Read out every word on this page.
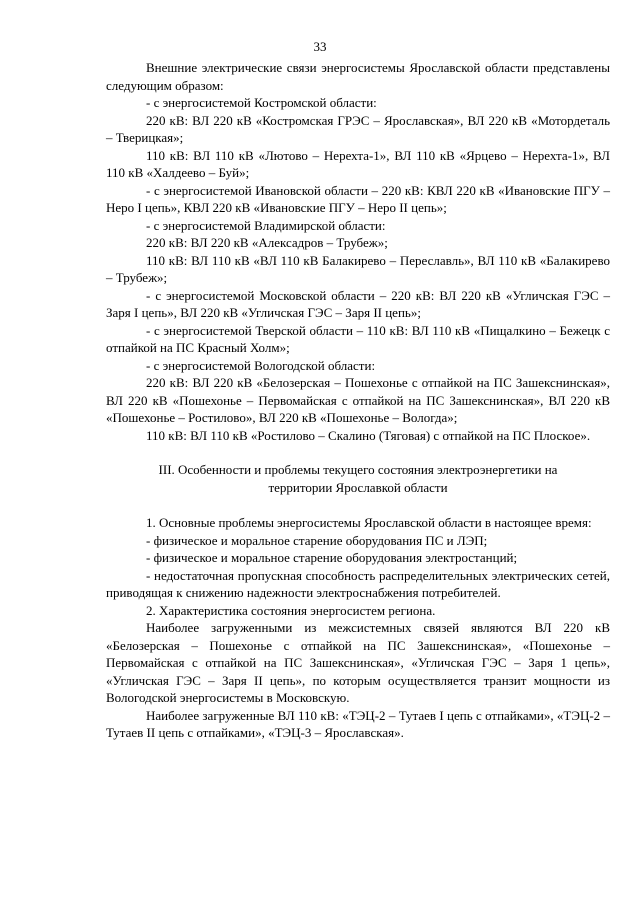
33

Внешние электрические связи энергосистемы Ярославской области представлены следующим образом:

- с энергосистемой Костромской области:

220 кВ: ВЛ 220 кВ «Костромская ГРЭС – Ярославская», ВЛ 220 кВ «Мотордеталь – Тверицкая»;

110 кВ: ВЛ 110 кВ «Лютово – Нерехта-1», ВЛ 110 кВ «Ярцево – Нерехта-1», ВЛ 110 кВ «Халдеево – Буй»;

- с энергосистемой Ивановской области – 220 кВ: КВЛ 220 кВ «Ивановские ПГУ – Неро I цепь», КВЛ 220 кВ «Ивановские ПГУ – Неро II цепь»;

- с энергосистемой Владимирской области:

220 кВ: ВЛ 220 кВ «Алексадров – Трубеж»;

110 кВ: ВЛ 110 кВ «ВЛ 110 кВ Балакирево – Переславль», ВЛ 110 кВ «Балакирево – Трубеж»;

- с энергосистемой Московской области – 220 кВ: ВЛ 220 кВ «Угличская ГЭС – Заря I цепь», ВЛ 220 кВ «Угличская ГЭС – Заря II цепь»;

- с энергосистемой Тверской области – 110 кВ: ВЛ 110 кВ «Пищалкино – Бежецк с отпайкой на ПС Красный Холм»;

- с энергосистемой Вологодской области:

220 кВ: ВЛ 220 кВ «Белозерская – Пошехонье с отпайкой на ПС Зашекснинская», ВЛ 220 кВ «Пошехонье – Первомайская с отпайкой на ПС Зашекснинская», ВЛ 220 кВ «Пошехонье – Ростилово», ВЛ 220 кВ «Пошехонье – Вологда»;

110 кВ: ВЛ 110 кВ «Ростилово – Скалино (Тяговая) с отпайкой на ПС Плоское».

III. Особенности и проблемы текущего состояния электроэнергетики на территории Ярославкой области

1. Основные проблемы энергосистемы Ярославской области в настоящее время:

- физическое и моральное старение оборудования ПС и ЛЭП;

- физическое и моральное старение оборудования электростанций;

- недостаточная пропускная способность распределительных электрических сетей, приводящая к снижению надежности электроснабжения потребителей.

2. Характеристика состояния энергосистем региона.

Наиболее загруженными из межсистемных связей являются ВЛ 220 кВ «Белозерская – Пошехонье с отпайкой на ПС Зашекснинская», «Пошехонье – Первомайская с отпайкой на ПС Зашекснинская», «Угличская ГЭС – Заря 1 цепь», «Угличская ГЭС – Заря II цепь», по которым осуществляется транзит мощности из Вологодской энергосистемы в Московскую.

Наиболее загруженные ВЛ 110 кВ: «ТЭЦ-2 – Тутаев I цепь с отпайками», «ТЭЦ-2 – Тутаев II цепь с отпайками», «ТЭЦ-3 – Ярославская».
